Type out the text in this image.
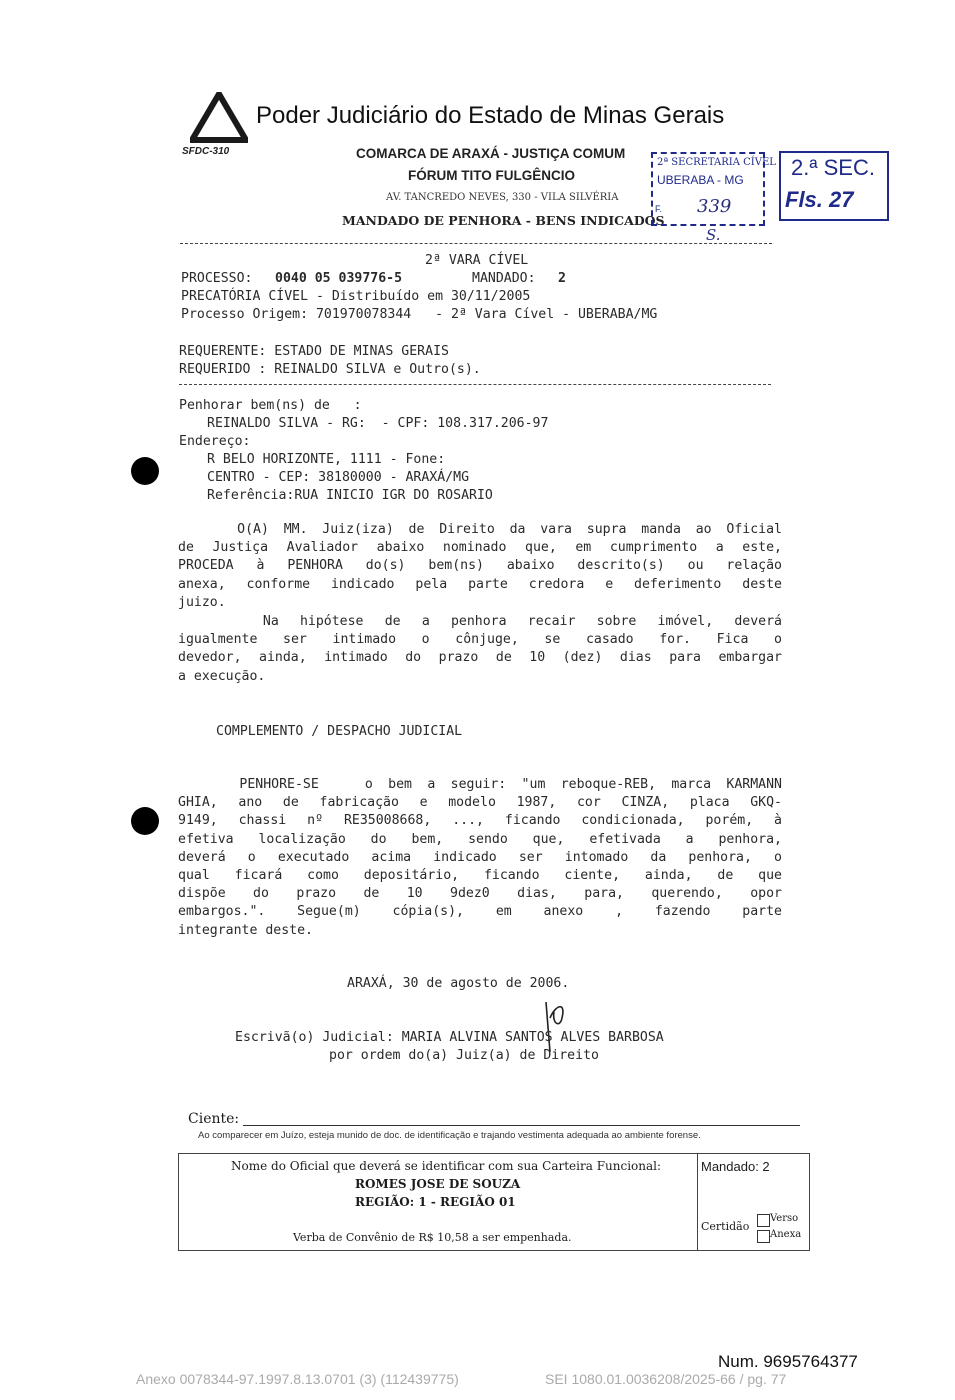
Poder Judiciário do Estado de Minas Gerais
SFDC-310	COMARCA DE ARAXÁ - JUSTIÇA COMUM
FÓRUM TITO FULGÊNCIO
AV. TANCREDO NEVES, 330 - VILA SILVÉRIA
MANDADO DE PENHORA - BENS INDICADOS
2ª SECRETARIA CÍVEL
UBERABA - MG
F. 339
S.
2.ª SEC.
Fls. 27
2ª VARA CÍVEL
PROCESSO: 0040 05 039776-5	MANDADO: 2
PRECATÓRIA CÍVEL - Distribuído em 30/11/2005
Processo Origem: 701970078344   - 2ª Vara Cível - UBERABA/MG
REQUERENTE: ESTADO DE MINAS GERAIS
REQUERIDO : REINALDO SILVA e Outro(s).
Penhorar bem(ns) de   :
REINALDO SILVA - RG:  - CPF: 108.317.206-97
Endereço:
R BELO HORIZONTE, 1111 - Fone:
CENTRO - CEP: 38180000 - ARAXÁ/MG
Referência:RUA INICIO IGR DO ROSARIO
O(A) MM. Juiz(iza) de Direito da vara supra manda ao Oficial
de Justiça Avaliador abaixo nominado que, em cumprimento a este,
PROCEDA à PENHORA do(s) bem(ns) abaixo descrito(s) ou relação
anexa, conforme indicado pela parte credora e deferimento deste
juizo.
Na hipótese de a penhora recair sobre imóvel, deverá
igualmente ser intimado o cônjuge, se casado for. Fica o
devedor, ainda, intimado do prazo de 10 (dez) dias para embargar
a execução.
COMPLEMENTO / DESPACHO JUDICIAL
PENHORE-SE   o bem a seguir: "um reboque-REB, marca KARMANN
GHIA, ano de fabricação e modelo 1987, cor CINZA, placa GKQ-
9149, chassi nº RE35008668, ..., ficando condicionada, porém, à
efetiva localização do bem, sendo que, efetivada a penhora,
deverá o executado acima indicado ser intomado da penhora, o
qual ficará como depositário, ficando ciente, ainda, de que
dispõe do prazo de 10 9dez0 dias, para, querendo, opor
embargos.". Segue(m) cópia(s), em anexo , fazendo parte
integrante deste.
ARAXÁ, 30 de agosto de 2006.
Escrivã(o) Judicial: MARIA ALVINA SANTOS ALVES BARBOSA
por ordem do(a) Juiz(a) de Direito
Ciente:
Ao comparecer em Juízo, esteja munido de doc. de identificação e trajando vestimenta adequada ao ambiente forense.
Nome do Oficial que deverá se identificar com sua Carteira Funcional:
ROMES JOSE DE SOUZA
REGIÃO: 1 - REGIÃO 01
Verba de Convênio de R$ 10,58 a ser empenhada.
Mandado: 2
Certidão
Verso
Anexa
Num. 9695764377
Anexo 0078344-97.1997.8.13.0701 (3) (112439775)	SEI 1080.01.0036208/2025-66 / pg. 77
